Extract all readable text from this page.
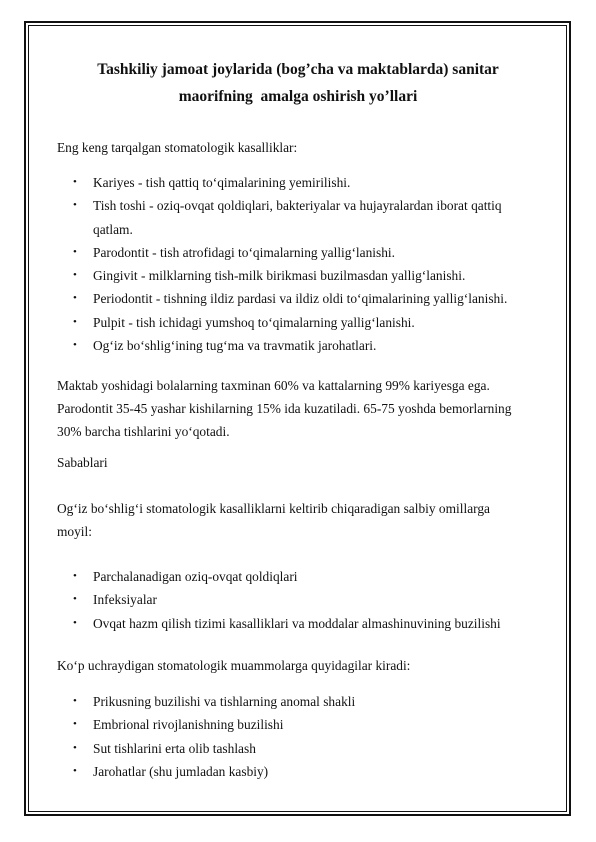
Tashkiliy jamoat joylarida (bog’cha va maktablarda) sanitar
maorifning  amalga oshirish yo’llari

Eng keng tarqalgan stomatologik kasalliklar:

• Kariyes - tish qattiq to‘qimalarining yemirilishi.
• Tish toshi - oziq-ovqat qoldiqlari, bakteriyalar va hujayralardan iborat qattiq
qatlam.
• Parodontit - tish atrofidagi to‘qimalarning yallig‘lanishi.
• Gingivit - milklarning tish-milk birikmasi buzilmasdan yallig‘lanishi.
• Periodontit - tishning ildiz pardasi va ildiz oldi to‘qimalarining yallig‘lanishi.
• Pulpit - tish ichidagi yumshoq to‘qimalarning yallig‘lanishi.
• Og‘iz bo‘shlig‘ining tug‘ma va travmatik jarohatlari.

Maktab yoshidagi bolalarning taxminan 60% va kattalarning 99% kariyesga ega.
Parodontit 35-45 yashar kishilarning 15% ida kuzatiladi. 65-75 yoshda bemorlarning
30% barcha tishlarini yo‘qotadi.

Sabablari

Og‘iz bo‘shlig‘i stomatologik kasalliklarni keltirib chiqaradigan salbiy omillarga
moyil:

• Parchalanadigan oziq-ovqat qoldiqlari
• Infeksiyalar
• Ovqat hazm qilish tizimi kasalliklari va moddalar almashinuvining buzilishi

Ko‘p uchraydigan stomatologik muammolarga quyidagilar kiradi:

• Prikusning buzilishi va tishlarning anomal shakli
• Embrional rivojlanishning buzilishi
• Sut tishlarini erta olib tashlash
• Jarohatlar (shu jumladan kasbiy)
